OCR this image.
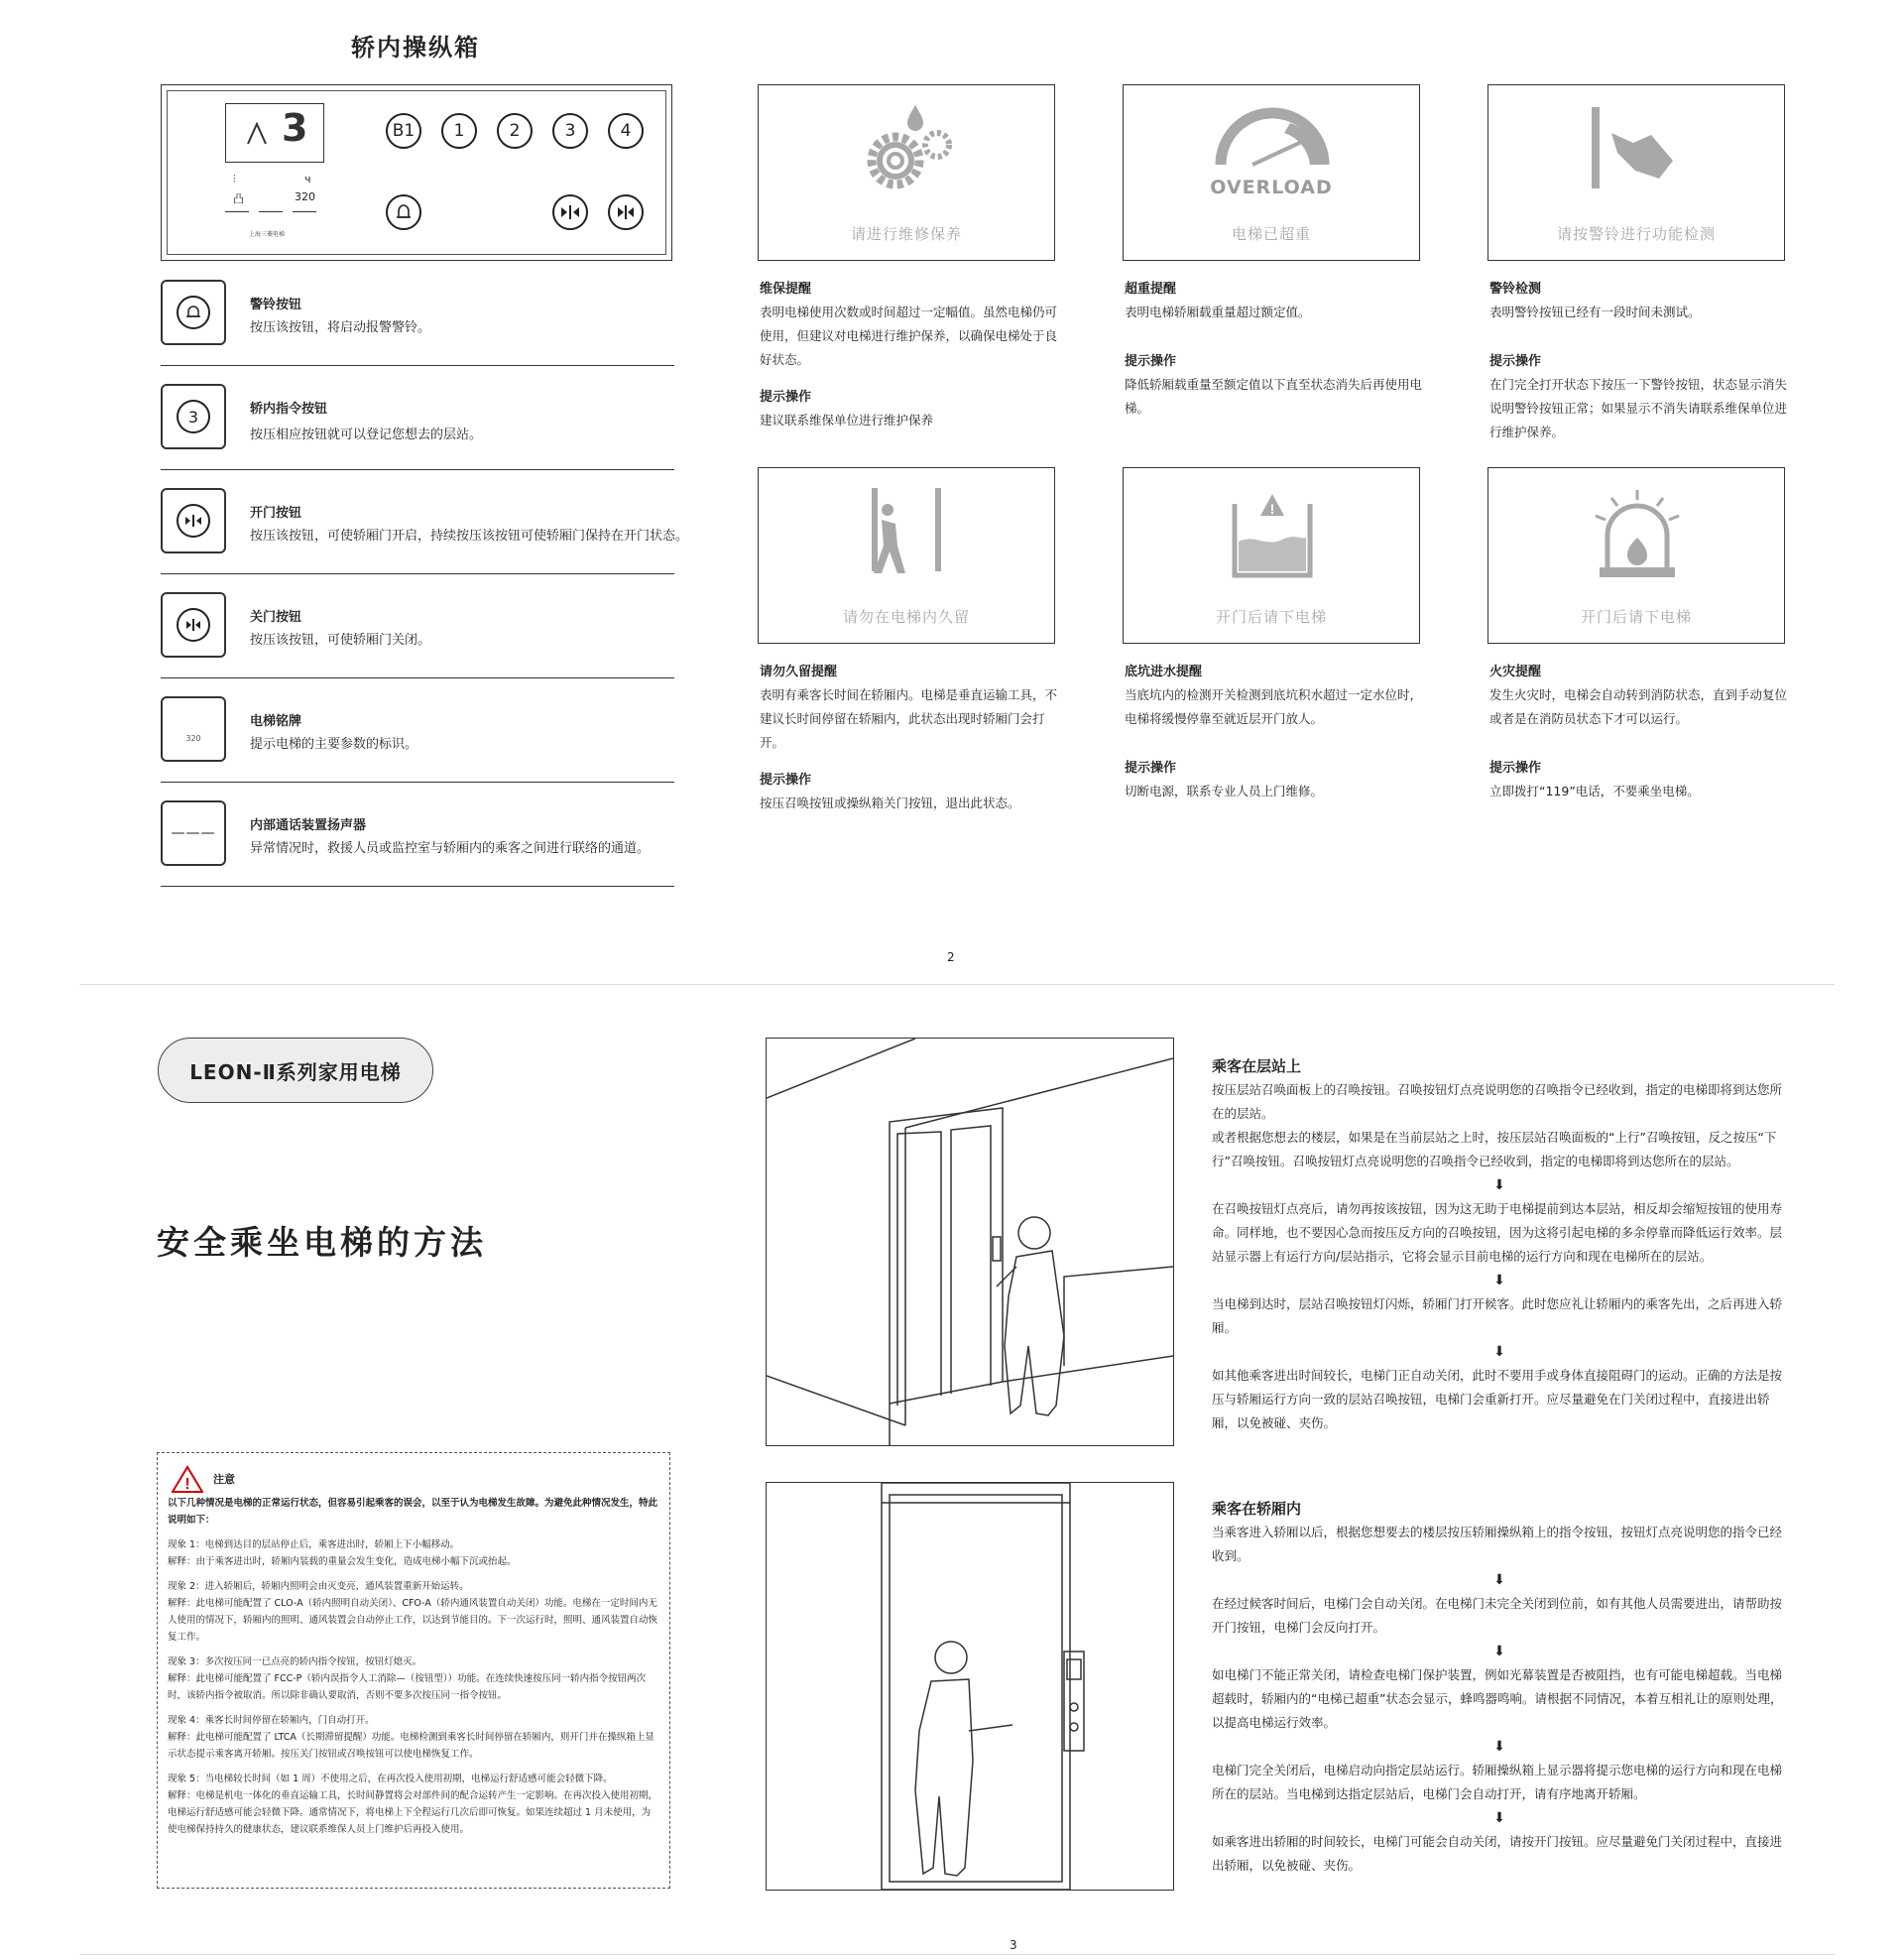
轿内操纵箱
3
⫶	ч
凸	320
上海三菱电梯
B1	1	2	3	4
警铃按钮
按压该按钮，将启动报警警铃。
3	轿内指令按钮
按压相应按钮就可以登记您想去的层站。
开门按钮
按压该按钮，可使轿厢门开启，持续按压该按钮可使轿厢门保持在开门状态。
关门按钮
按压该按钮，可使轿厢门关闭。
320
电梯铭牌
提示电梯的主要参数的标识。
———	内部通话装置扬声器
异常情况时，救援人员或监控室与轿厢内的乘客之间进行联络的通道。
请进行维修保养
OVERLOAD
电梯已超重	请按警铃进行功能检测
请勿在电梯内久留
!
开门后请下电梯	开门后请下电梯
维保提醒

表明电梯使用次数或时间超过一定幅值。虽然电梯仍可使用，但建议对电梯进行维护保养，以确保电梯处于良好状态。

提示操作

建议联系维保单位进行维护保养

超重提醒

表明电梯轿厢载重量超过额定值。

提示操作

降低轿厢载重量至额定值以下直至状态消失后再使用电梯。

警铃检测

表明警铃按钮已经有一段时间未测试。

提示操作

在门完全打开状态下按压一下警铃按钮，状态显示消失说明警铃按钮正常；如果显示不消失请联系维保单位进行维护保养。

请勿久留提醒

表明有乘客长时间在轿厢内。电梯是垂直运输工具，不建议长时间停留在轿厢内，此状态出现时轿厢门会打开。

提示操作

按压召唤按钮或操纵箱关门按钮，退出此状态。

底坑进水提醒

当底坑内的检测开关检测到底坑积水超过一定水位时，电梯将缓慢停靠至就近层开门放人。

提示操作

切断电源，联系专业人员上门维修。

火灾提醒

发生火灾时，电梯会自动转到消防状态，直到手动复位或者是在消防员状态下才可以运行。

提示操作

立即拨打“119”电话，不要乘坐电梯。

2
LEON-Ⅱ系列家用电梯
安全乘坐电梯的方法
! 注意

以下几种情况是电梯的正常运行状态，但容易引起乘客的误会，以至于认为电梯发生故障。为避免此种情况发生，特此说明如下：

现象 1：电梯到达目的层站停止后，乘客进出时，轿厢上下小幅移动。

解释：由于乘客进出时，轿厢内装载的重量会发生变化，造成电梯小幅下沉或抬起。

现象 2：进入轿厢后，轿厢内照明会由灭变亮，通风装置重新开始运转。

解释：此电梯可能配置了 CLO-A（轿内照明自动关闭）、CFO-A（轿内通风装置自动关闭）功能。电梯在一定时间内无人使用的情况下，轿厢内的照明、通风装置会自动停止工作，以达到节能目的。下一次运行时，照明、通风装置自动恢复工作。

现象 3：多次按压同一已点亮的轿内指令按钮，按钮灯熄灭。

解释：此电梯可能配置了 FCC-P（轿内误指令人工消除—（按钮型））功能。在连续快速按压同一轿内指令按钮两次时，该轿内指令被取消。所以除非确认要取消，否则不要多次按压同一指令按钮。

现象 4：乘客长时间停留在轿厢内，门自动打开。

解释：此电梯可能配置了 LTCA（长期滞留提醒）功能。电梯检测到乘客长时间停留在轿厢内，则开门并在操纵箱上显示状态提示乘客离开轿厢。按压关门按钮或召唤按钮可以使电梯恢复工作。

现象 5：当电梯较长时间（如 1 周）不使用之后，在再次投入使用初期，电梯运行舒适感可能会轻微下降。

解释：电梯是机电一体化的垂直运输工具，长时间静置将会对部件间的配合运转产生一定影响。在再次投入使用初期，电梯运行舒适感可能会轻微下降。通常情况下，将电梯上下全程运行几次后即可恢复。如果连续超过 1 月未使用，为使电梯保持持久的健康状态，建议联系维保人员上门维护后再投入使用。

乘客在层站上

按压层站召唤面板上的召唤按钮。召唤按钮灯点亮说明您的召唤指令已经收到，指定的电梯即将到达您所在的层站。

或者根据您想去的楼层，如果是在当前层站之上时，按压层站召唤面板的“上行”召唤按钮，反之按压“下行”召唤按钮。召唤按钮灯点亮说明您的召唤指令已经收到，指定的电梯即将到达您所在的层站。

⬇

在召唤按钮灯点亮后，请勿再按该按钮，因为这无助于电梯提前到达本层站，相反却会缩短按钮的使用寿命。同样地，也不要因心急而按压反方向的召唤按钮，因为这将引起电梯的多余停靠而降低运行效率。层站显示器上有运行方向/层站指示，它将会显示目前电梯的运行方向和现在电梯所在的层站。

⬇

当电梯到达时，层站召唤按钮灯闪烁，轿厢门打开候客。此时您应礼让轿厢内的乘客先出，之后再进入轿厢。

⬇

如其他乘客进出时间较长，电梯门正自动关闭，此时不要用手或身体直接阻碍门的运动。正确的方法是按压与轿厢运行方向一致的层站召唤按钮，电梯门会重新打开。应尽量避免在门关闭过程中，直接进出轿厢，以免被碰、夹伤。

乘客在轿厢内

当乘客进入轿厢以后，根据您想要去的楼层按压轿厢操纵箱上的指令按钮，按钮灯点亮说明您的指令已经收到。

⬇

在经过候客时间后，电梯门会自动关闭。在电梯门未完全关闭到位前，如有其他人员需要进出，请帮助按开门按钮，电梯门会反向打开。

⬇

如电梯门不能正常关闭，请检查电梯门保护装置，例如光幕装置是否被阻挡，也有可能电梯超载。当电梯超载时，轿厢内的“电梯已超重”状态会显示，蜂鸣器鸣响。请根据不同情况，本着互相礼让的原则处理，以提高电梯运行效率。

⬇

电梯门完全关闭后，电梯启动向指定层站运行。轿厢操纵箱上显示器将提示您电梯的运行方向和现在电梯所在的层站。当电梯到达指定层站后，电梯门会自动打开，请有序地离开轿厢。

⬇

如乘客进出轿厢的时间较长，电梯门可能会自动关闭，请按开门按钮。应尽量避免门关闭过程中，直接进出轿厢，以免被碰、夹伤。

3
